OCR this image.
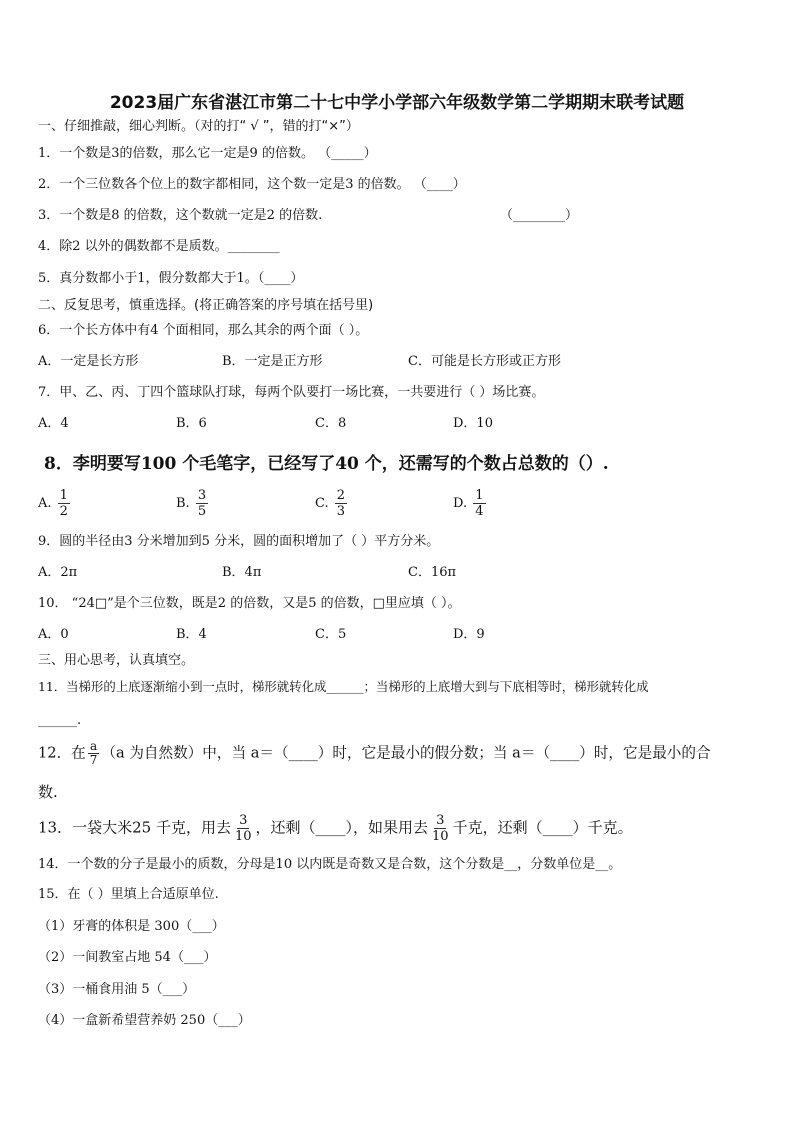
2023届广东省湛江市第二十七中学小学部六年级数学第二学期期末联考试题
一、仔细推敲，细心判断。（对的打“ √ ”，错的打“×”）
1．一个数是3的倍数，那么它一定是9 的倍数。 （_____）
2．一个三位数各个位上的数字都相同，这个数一定是3 的倍数。 （____）
3．一个数是8 的倍数，这个数就一定是2 的倍数.	（________）
4．除2 以外的偶数都不是质数。________
5．真分数都小于1，假分数都大于1。（____）
二、反复思考，慎重选择。(将正确答案的序号填在括号里)
6．一个长方体中有4 个面相同，那么其余的两个面（ ）。
A．一定是长方形	B．一定是正方形	C．可能是长方形或正方形
7．甲、乙、丙、丁四个篮球队打球，每两个队要打一场比赛，一共要进行（ ）场比赛。
A．4	B．6	C．8	D．10
8．李明要写100 个毛笔字，已经写了40 个，还需写的个数占总数的（）.
A. $\frac{1}{2}$	B. $\frac{3}{5}$	C. $\frac{2}{3}$	D. $\frac{1}{4}$
9．圆的半径由3 分米增加到5 分米，圆的面积增加了（ ）平方分米。
A．2π	B．4π	C．16π
10． “24□”是个三位数，既是2 的倍数，又是5 的倍数，□里应填（ ）。
A．0	B．4	C．5	D．9
三、用心思考，认真填空。
11．当梯形的上底逐渐缩小到一点时，梯形就转化成______；当梯形的上底增大到与下底相等时，梯形就转化成
______.
12．在 $\frac{a}{7} (a$ 为自然数）中，当 a＝（____）时，它是最小的假分数；当 a＝（____）时，它是最小的合
数.
13．一袋大米25 千克，用去 $\frac{3}{10}$ ，还剩（____），如果用去 $\frac{3}{10}$ 千克，还剩（____）千克。
14．一个数的分子是最小的质数，分母是10 以内既是奇数又是合数，这个分数是__，分数单位是__。
15．在（ ）里填上合适原单位.
（1）牙膏的体积是 300（___）
（2）一间教室占地 54（___）
（3）一桶食用油 5（___）
（4）一盒新希望营养奶 250（___）
